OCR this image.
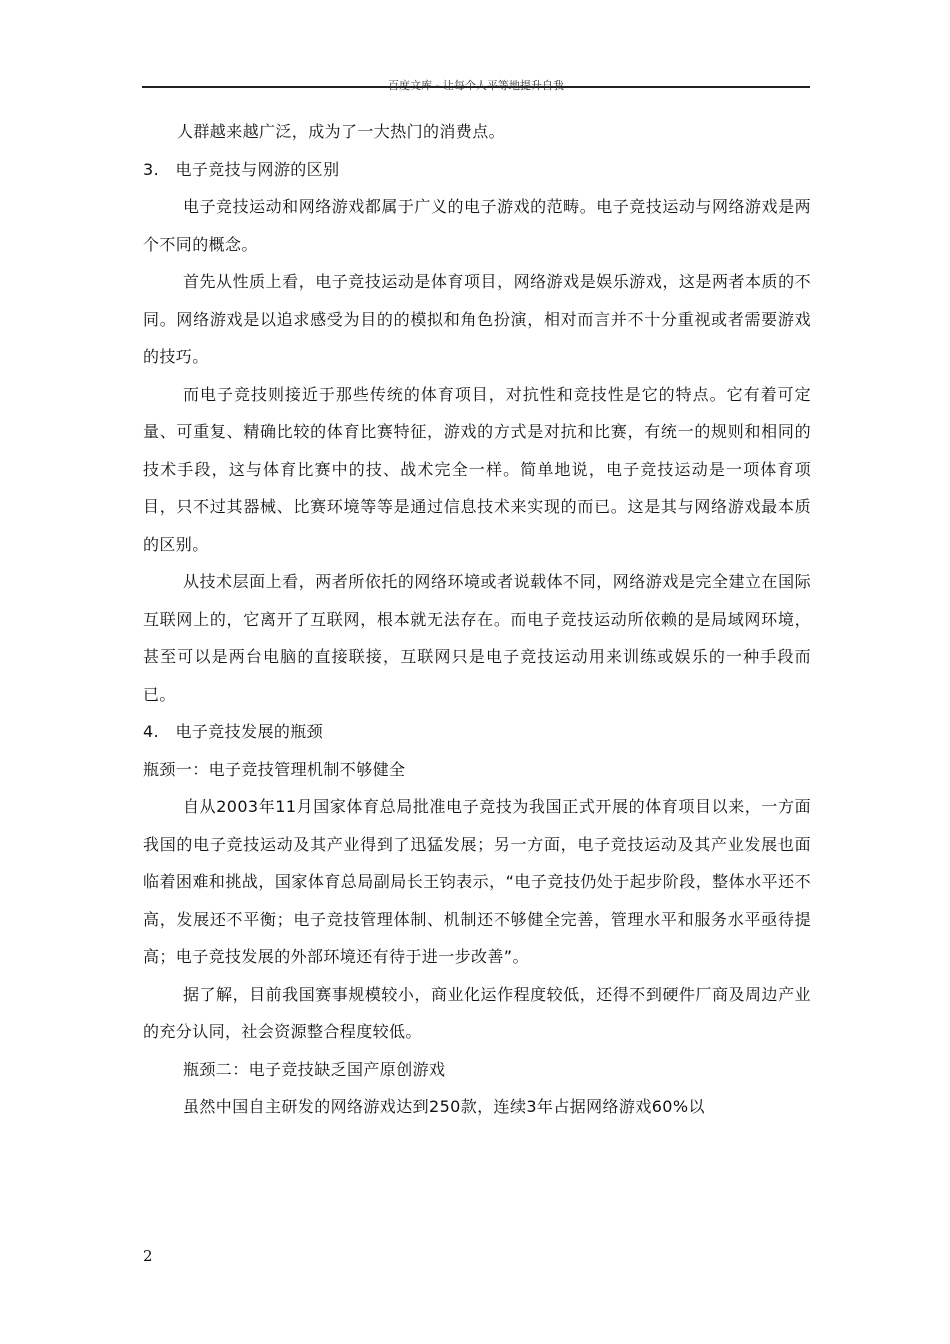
百度文库 - 让每个人平等地提升自我

人群越来越广泛，成为了一大热门的消费点。

3.　电子竞技与网游的区别

电子竞技运动和网络游戏都属于广义的电子游戏的范畴。电子竞技运动与网络游戏是两个不同的概念。

首先从性质上看，电子竞技运动是体育项目，网络游戏是娱乐游戏，这是两者本质的不同。网络游戏是以追求感受为目的的模拟和角色扮演，相对而言并不十分重视或者需要游戏的技巧。

而电子竞技则接近于那些传统的体育项目，对抗性和竞技性是它的特点。它有着可定量、可重复、精确比较的体育比赛特征，游戏的方式是对抗和比赛，有统一的规则和相同的技术手段，这与体育比赛中的技、战术完全一样。简单地说，电子竞技运动是一项体育项目，只不过其器械、比赛环境等等是通过信息技术来实现的而已。这是其与网络游戏最本质的区别。

从技术层面上看，两者所依托的网络环境或者说载体不同，网络游戏是完全建立在国际互联网上的，它离开了互联网，根本就无法存在。而电子竞技运动所依赖的是局域网环境，甚至可以是两台电脑的直接联接，互联网只是电子竞技运动用来训练或娱乐的一种手段而已。

4.　电子竞技发展的瓶颈

瓶颈一：电子竞技管理机制不够健全

自从2003年11月国家体育总局批准电子竞技为我国正式开展的体育项目以来，一方面我国的电子竞技运动及其产业得到了迅猛发展；另一方面，电子竞技运动及其产业发展也面临着困难和挑战，国家体育总局副局长王钧表示，“电子竞技仍处于起步阶段，整体水平还不高，发展还不平衡；电子竞技管理体制、机制还不够健全完善，管理水平和服务水平亟待提高；电子竞技发展的外部环境还有待于进一步改善”。

据了解，目前我国赛事规模较小，商业化运作程度较低，还得不到硬件厂商及周边产业的充分认同，社会资源整合程度较低。

瓶颈二：电子竞技缺乏国产原创游戏

虽然中国自主研发的网络游戏达到250款，连续3年占据网络游戏60%以

2
